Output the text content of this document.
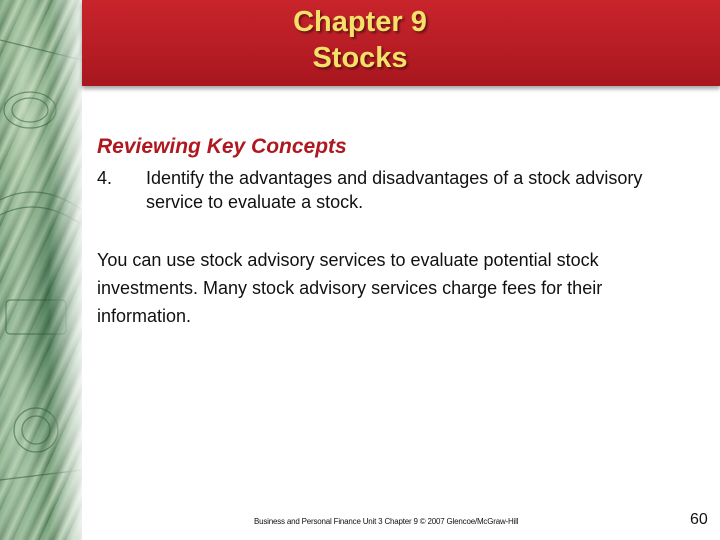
Chapter 9
Stocks
Reviewing Key Concepts
4. Identify the advantages and disadvantages of a stock advisory service to evaluate a stock.
You can use stock advisory services to evaluate potential stock investments. Many stock advisory services charge fees for their information.
Business and Personal Finance Unit 3 Chapter 9 © 2007 Glencoe/McGraw-Hill	60
